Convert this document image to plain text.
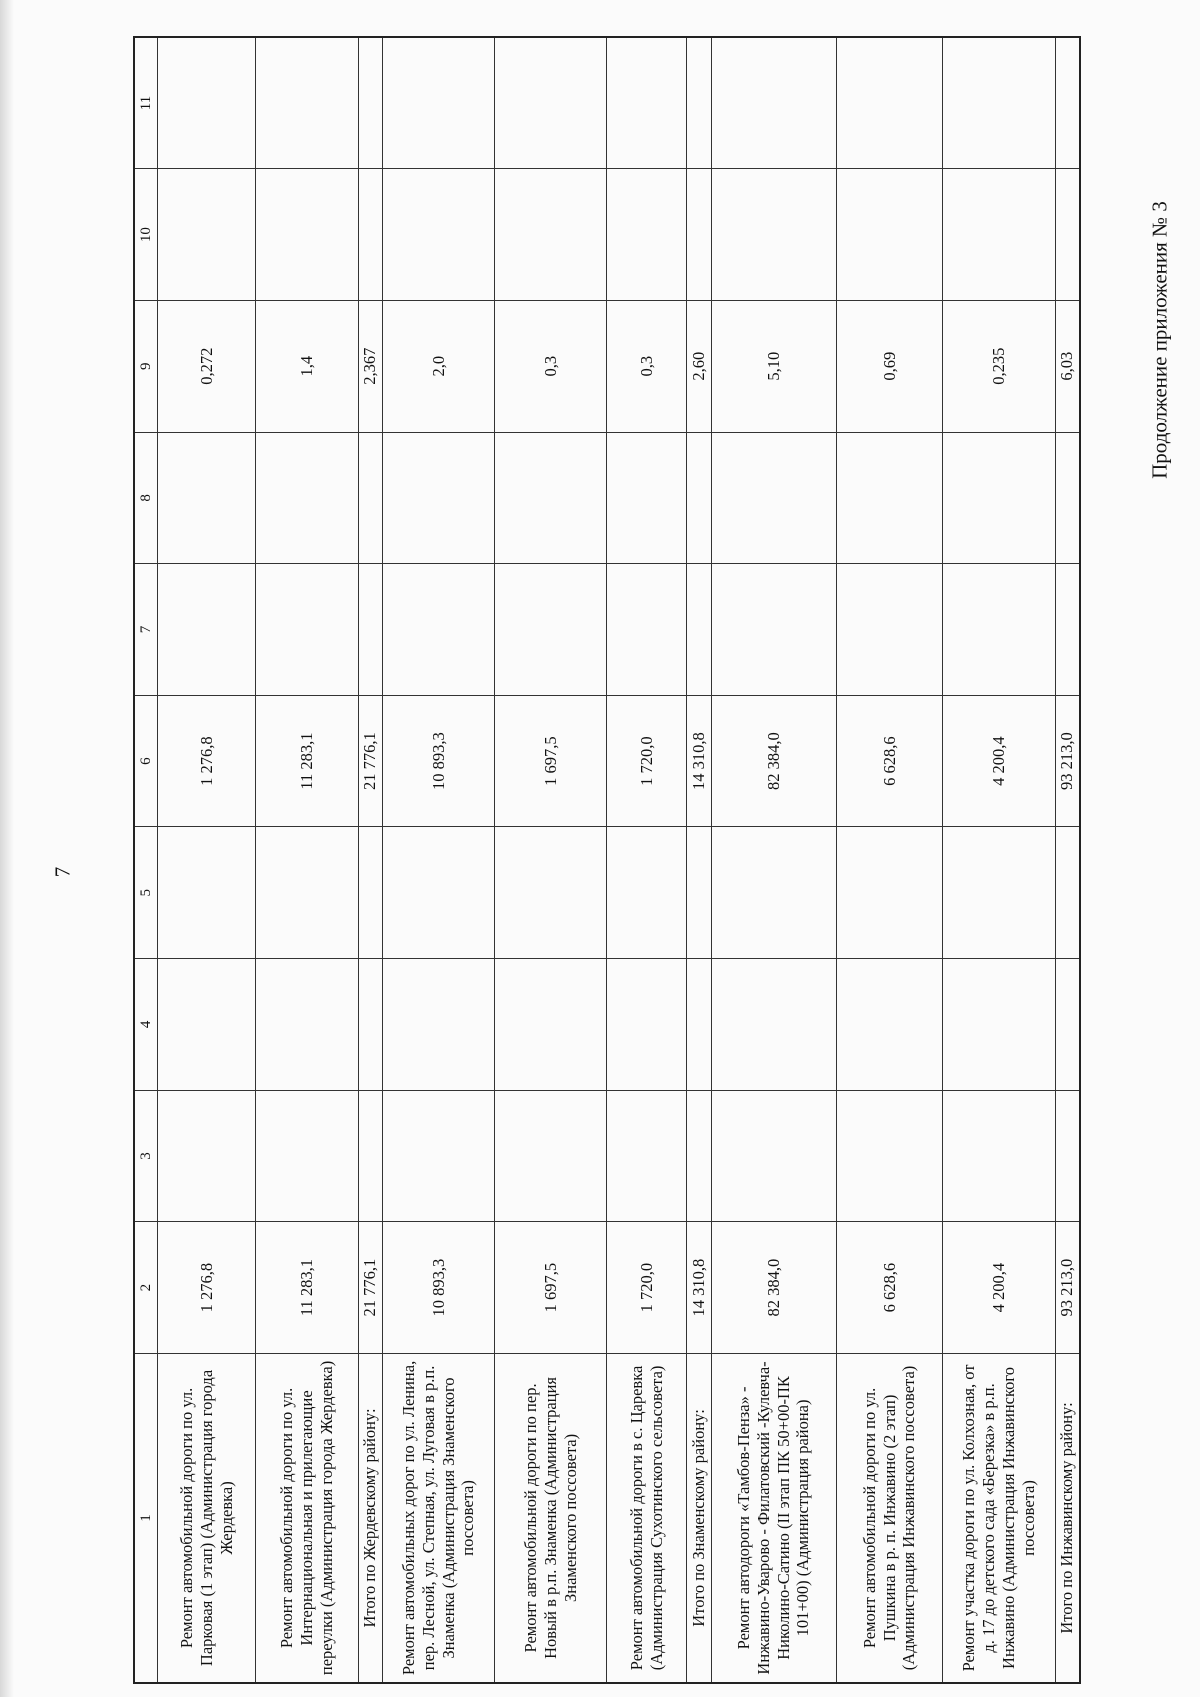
Продолжение приложения № 3
7
1	2	3	4	5	6	7	8	9	10	11
Ремонт автомобильной дороги по ул. Парковая (1 этап) (Администрация города Жердевка)	1 276,8				1 276,8			0,272		
Ремонт автомобильной дороги по ул. Интернациональная и прилегающие переулки (Администрация города Жердевка)	11 283,1				11 283,1			1,4		
Итого по Жердевскому району:	21 776,1				21 776,1			2,367		
Ремонт автомобильных дорог по ул. Ленина, пер. Лесной, ул. Степная, ул. Луговая в р.п. Знаменка (Администрация Знаменского поссовета)	10 893,3				10 893,3			2,0		
Ремонт автомобильной дороги по пер. Новый в р.п. Знаменка (Администрация Знаменского поссовета)	1 697,5				1 697,5			0,3		
Ремонт автомобильной дороги в с. Царевка (Администрация Сухотинского сельсовета)	1 720,0				1 720,0			0,3		
Итого по Знаменскому району:	14 310,8				14 310,8			2,60		
Ремонт автодороги «Тамбов-Пенза» - Инжавино-Уварово - Филатовский -Кулевча-Николино-Сатино (II этап ПК 50+00-ПК 101+00) (Администрация района)	82 384,0				82 384,0			5,10		
Ремонт автомобильной дороги по ул. Пушкина в р. п. Инжавино (2 этап) (Администрация Инжавинского поссовета)	6 628,6				6 628,6			0,69		
Ремонт участка дороги по ул. Колхозная, от д. 17 до детского сада «Березка» в р.п. Инжавино (Администрация Инжавинского поссовета)	4 200,4				4 200,4			0,235		
Итого по Инжавинскому району:	93 213,0				93 213,0			6,03		
